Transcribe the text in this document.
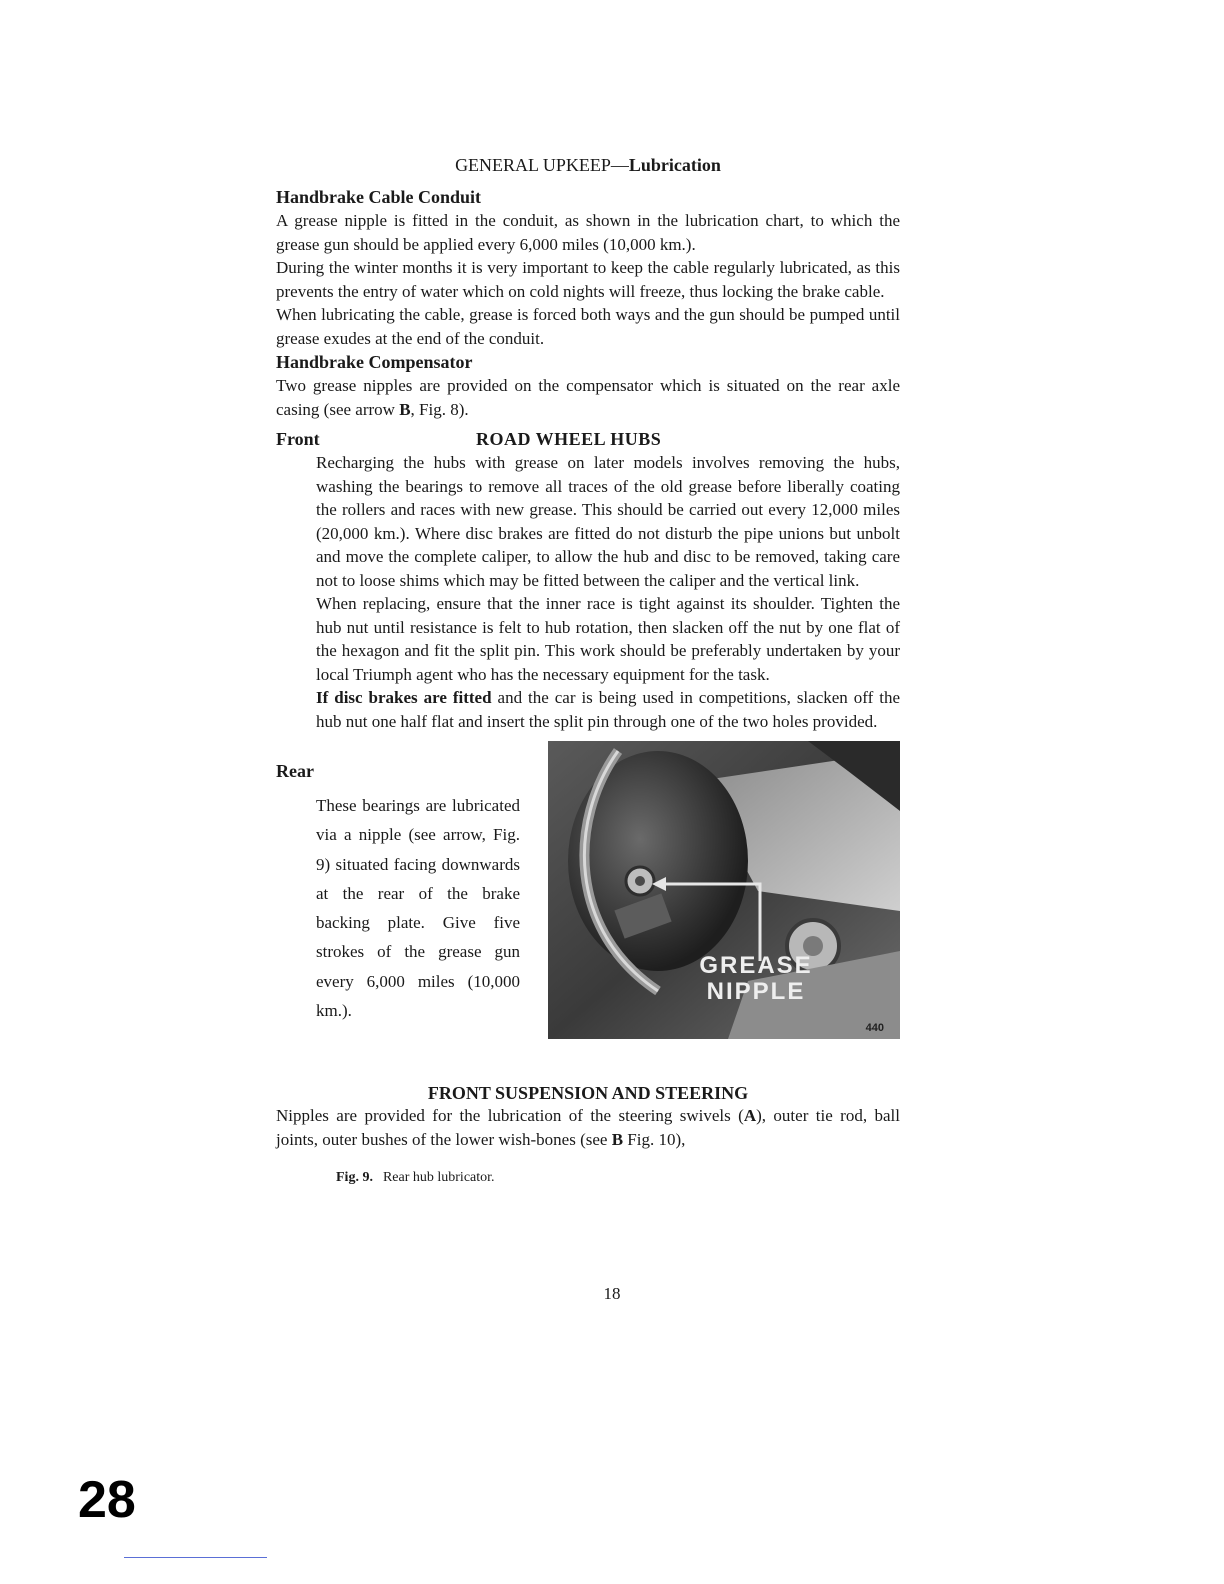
GENERAL UPKEEP—Lubrication
Handbrake Cable Conduit

A grease nipple is fitted in the conduit, as shown in the lubrication chart, to which the grease gun should be applied every 6,000 miles (10,000 km.).

During the winter months it is very important to keep the cable regularly lubricated, as this prevents the entry of water which on cold nights will freeze, thus locking the brake cable.

When lubricating the cable, grease is forced both ways and the gun should be pumped until grease exudes at the end of the conduit.

Handbrake Compensator

Two grease nipples are provided on the compensator which is situated on the rear axle casing (see arrow B, Fig. 8).

Front	ROAD WHEEL HUBS

Recharging the hubs with grease on later models involves removing the hubs, washing the bearings to remove all traces of the old grease before liberally coating the rollers and races with new grease. This should be carried out every 12,000 miles (20,000 km.). Where disc brakes are fitted do not disturb the pipe unions but unbolt and move the complete caliper, to allow the hub and disc to be removed, taking care not to loose shims which may be fitted between the caliper and the vertical link.

When replacing, ensure that the inner race is tight against its shoulder. Tighten the hub nut until resistance is felt to hub rotation, then slacken off the nut by one flat of the hexagon and fit the split pin. This work should be preferably undertaken by your local Triumph agent who has the necessary equipment for the task.

If disc brakes are fitted and the car is being used in competitions, slacken off the hub nut one half flat and insert the split pin through one of the two holes provided.

Rear
These bearings are lubricated via a nipple (see arrow, Fig. 9) situated facing downwards at the rear of the brake backing plate. Give five strokes of the grease gun every 6,000 miles (10,000 km.).
GREASE
NIPPLE
440
FRONT SUSPENSION AND STEERING

Nipples are provided for the lubrication of the steering swivels (A), outer tie rod, ball joints, outer bushes of the lower wish-bones (see B Fig. 10),

Fig. 9. Rear hub lubricator.
18
28
